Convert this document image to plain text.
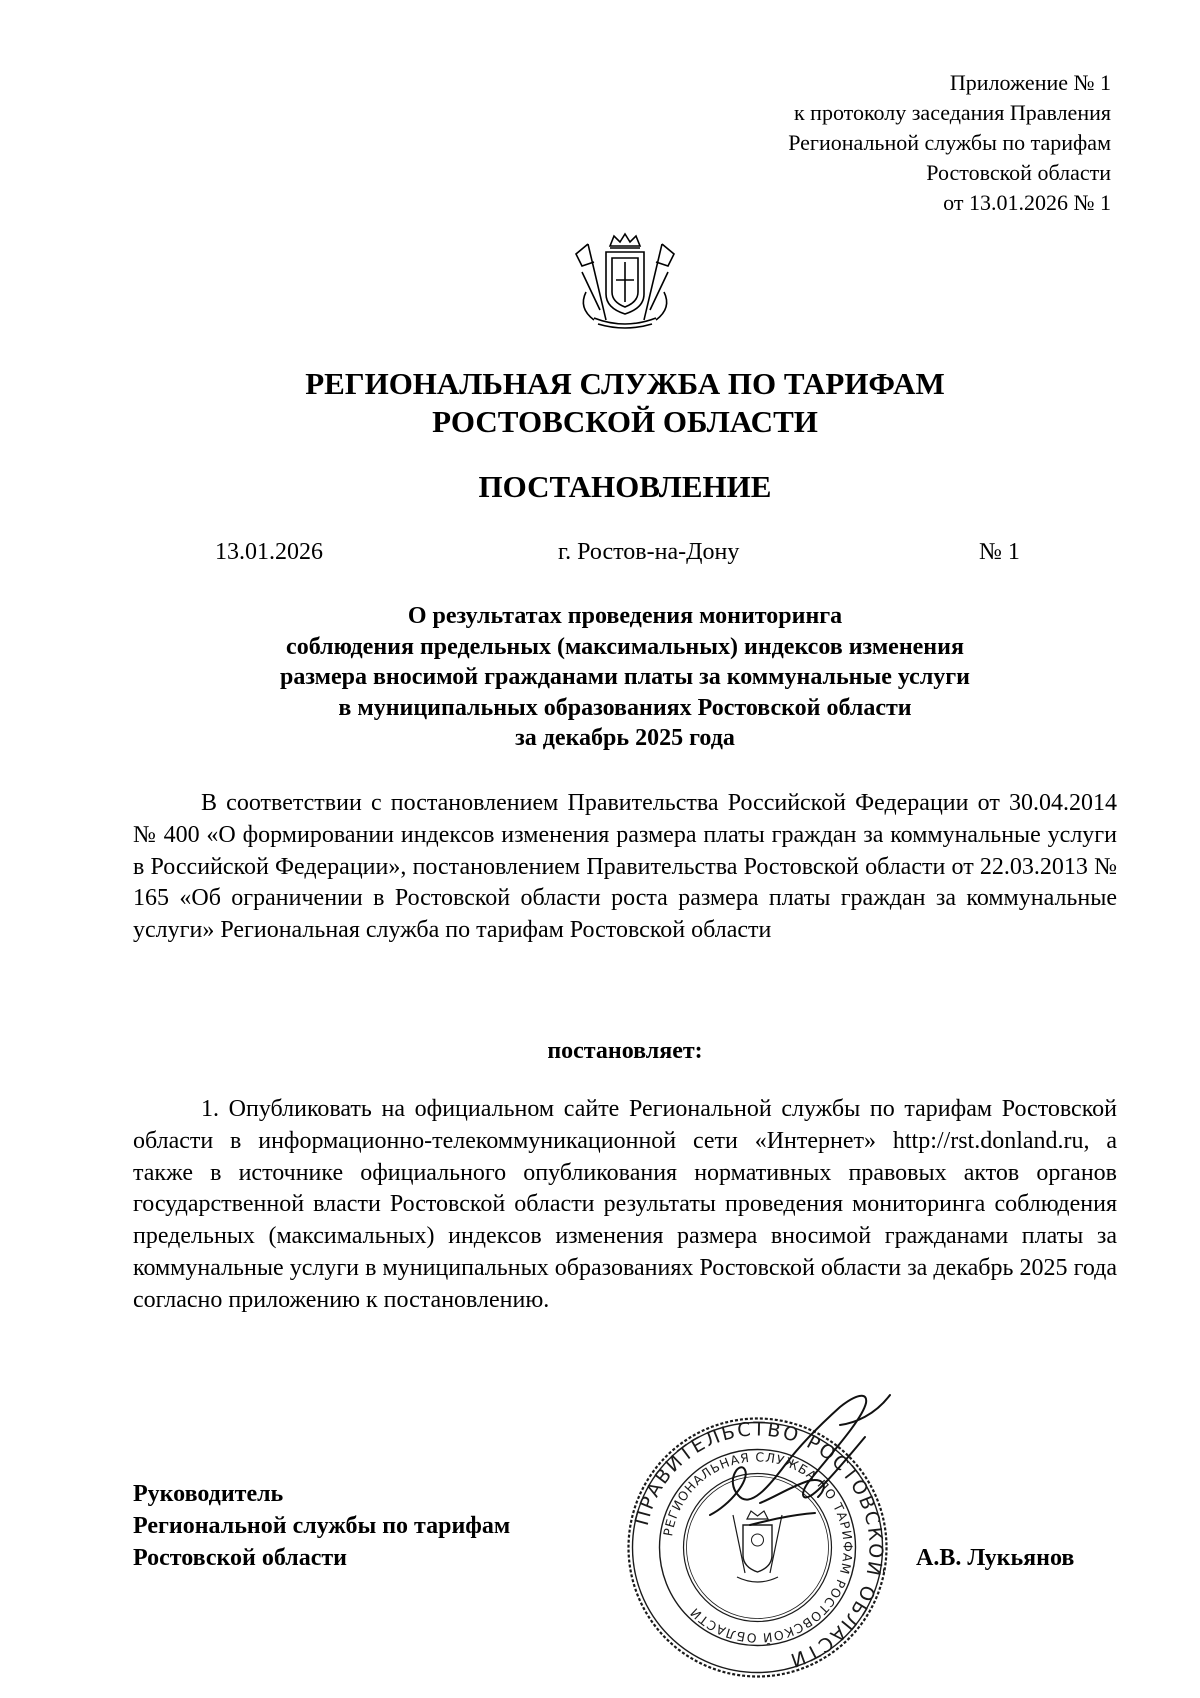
Приложение № 1
к протоколу заседания Правления
Региональной службы по тарифам
Ростовской области
от 13.01.2026 № 1
РЕГИОНАЛЬНАЯ СЛУЖБА ПО ТАРИФАМ
РОСТОВСКОЙ ОБЛАСТИ
ПОСТАНОВЛЕНИЕ
13.01.2026	г. Ростов-на-Дону	№ 1
О результатах проведения мониторинга
соблюдения предельных (максимальных) индексов изменения
размера вносимой гражданами платы за коммунальные услуги
в муниципальных образованиях Ростовской области
за декабрь 2025 года
В соответствии с постановлением Правительства Российской Федерации от 30.04.2014 № 400 «О формировании индексов изменения размера платы граждан за коммунальные услуги в Российской Федерации», постановлением Правительства Ростовской области от 22.03.2013 № 165 «Об ограничении в Ростовской области роста размера платы граждан за коммунальные услуги» Региональная служба по тарифам Ростовской области
постановляет:
1. Опубликовать на официальном сайте Региональной службы по тарифам Ростовской области в информационно-телекоммуникационной сети «Интернет» http://rst.donland.ru, а также в источнике официального опубликования нормативных правовых актов органов государственной власти Ростовской области результаты проведения мониторинга соблюдения предельных (максимальных) индексов изменения размера вносимой гражданами платы за коммунальные услуги в муниципальных образованиях Ростовской области за декабрь 2025 года согласно приложению к постановлению.
Руководитель
Региональной службы по тарифам
Ростовской области
ПРАВИТЕЛЬСТВО РОСТОВСКОЙ ОБЛАСТИ
РЕГИОНАЛЬНАЯ СЛУЖБА ПО ТАРИФАМ РОСТОВСКОЙ ОБЛАСТИ
А.В. Лукьянов
